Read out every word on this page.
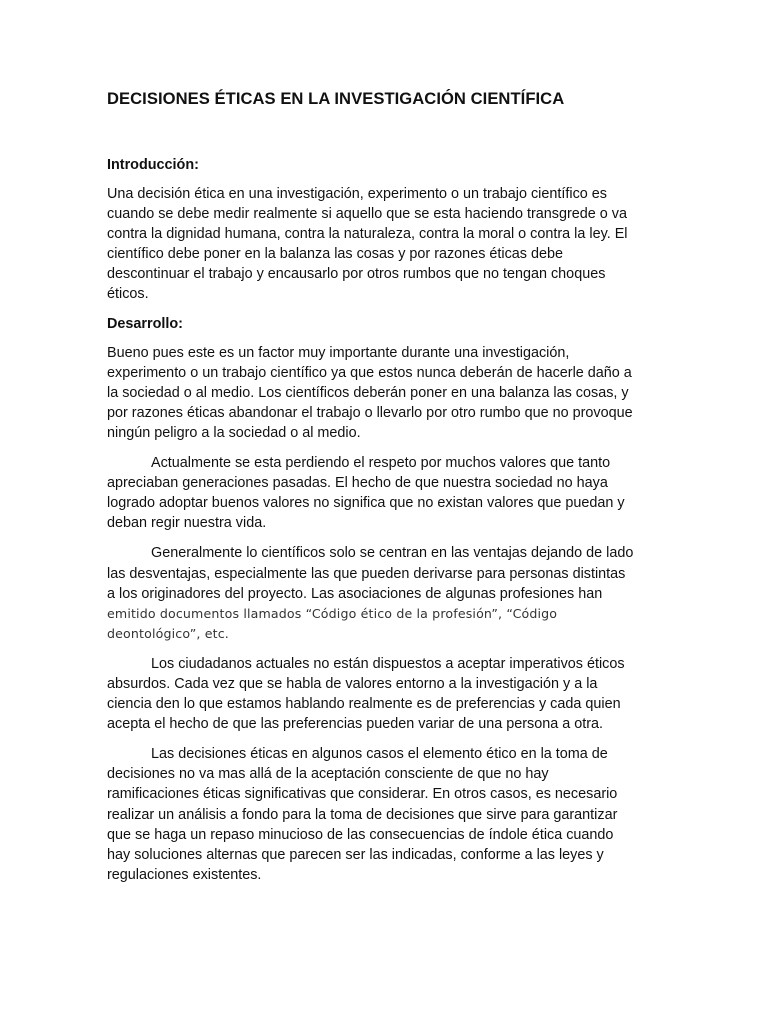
DECISIONES ÉTICAS EN LA INVESTIGACIÓN CIENTÍFICA
Introducción:

Una decisión ética en una investigación, experimento o un trabajo científico es
cuando se debe medir realmente si aquello que se esta haciendo transgrede o va
contra la dignidad humana, contra la naturaleza, contra la moral o contra la ley. El
científico debe poner en la balanza las cosas y por razones éticas debe
descontinuar el trabajo y encausarlo por otros rumbos que no tengan choques
éticos.

Desarrollo:

Bueno pues este es un factor muy importante durante una investigación,
experimento o un trabajo científico ya que estos nunca deberán de hacerle daño a
la sociedad o al medio. Los científicos deberán poner en una balanza las cosas, y
por razones éticas abandonar el trabajo o llevarlo por otro rumbo que no provoque
ningún peligro a la sociedad o al medio.

Actualmente se esta perdiendo el respeto por muchos valores que tanto
apreciaban generaciones pasadas. El hecho de que nuestra sociedad no haya
logrado adoptar buenos valores no significa que no existan valores que puedan y
deban regir nuestra vida.

Generalmente lo científicos solo se centran en las ventajas dejando de lado
las desventajas, especialmente las que pueden derivarse para personas distintas
a los originadores del proyecto. Las asociaciones de algunas profesiones han
emitido documentos llamados “Código ético de la profesión”, “Código
deontológico”, etc.

Los ciudadanos actuales no están dispuestos a aceptar imperativos éticos
absurdos. Cada vez que se habla de valores entorno a la investigación y a la
ciencia den lo que estamos hablando realmente es de preferencias y cada quien
acepta el hecho de que las preferencias pueden variar de una persona a otra.

Las decisiones éticas en algunos casos el elemento ético en la toma de
decisiones no va mas allá de la aceptación consciente de que no hay
ramificaciones éticas significativas que considerar. En otros casos, es necesario
realizar un análisis a fondo para la toma de decisiones que sirve para garantizar
que se haga un repaso minucioso de las consecuencias de índole ética cuando
hay soluciones alternas que parecen ser las indicadas, conforme a las leyes y
regulaciones existentes.
